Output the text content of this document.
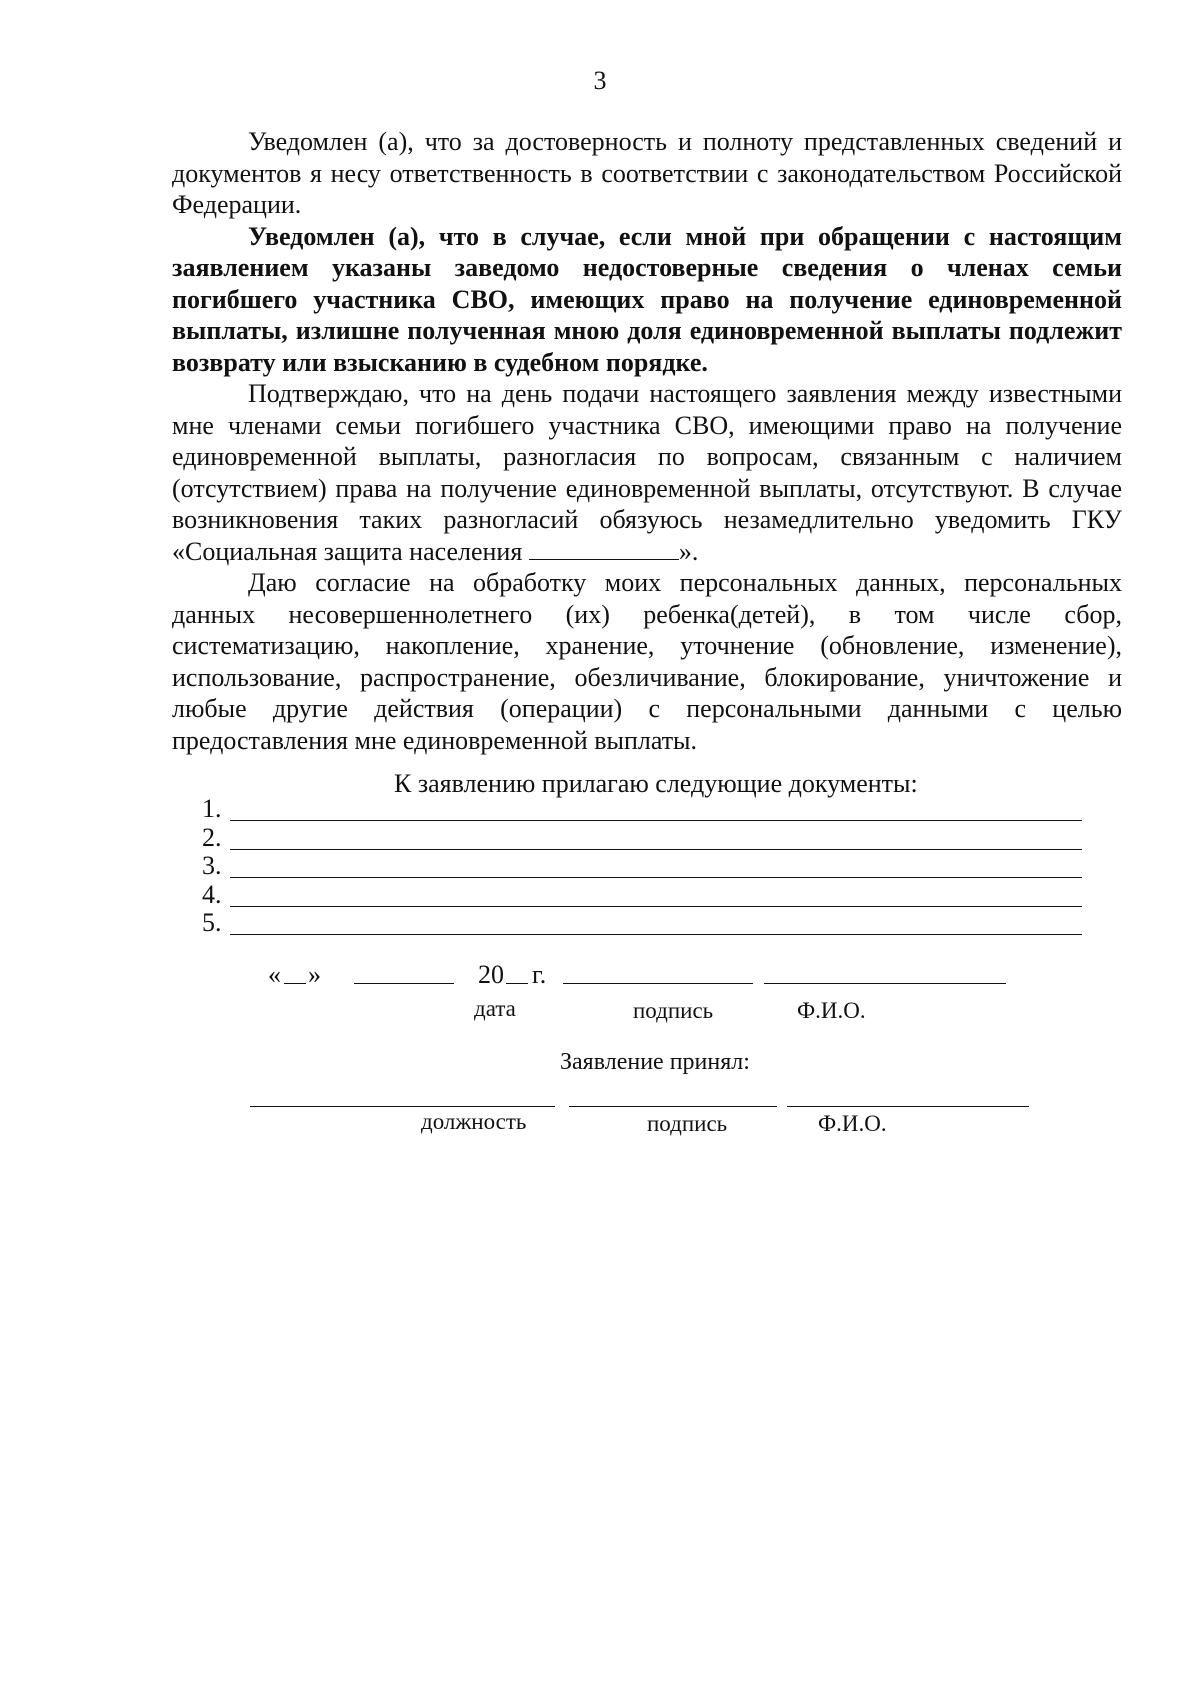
3

Уведомлен (а), что за достоверность и полноту представленных сведений и документов я несу ответственность в соответствии с законодательством Российской Федерации.

Уведомлен (а), что в случае, если мной при обращении с настоящим заявлением указаны заведомо недостоверные сведения о членах семьи погибшего участника СВО, имеющих право на получение единовременной выплаты, излишне полученная мною доля единовременной выплаты подлежит возврату или взысканию в судебном порядке.

Подтверждаю, что на день подачи настоящего заявления между известными мне членами семьи погибшего участника СВО, имеющими право на получение единовременной выплаты, разногласия по вопросам, связанным с наличием (отсутствием) права на получение единовременной выплаты, отсутствуют. В случае возникновения таких разногласий обязуюсь незамедлительно уведомить ГКУ «Социальная защита населения	».

Даю согласие на обработку моих персональных данных, персональных данных несовершеннолетнего (их) ребенка(детей), в том числе сбор, систематизацию, накопление, хранение, уточнение (обновление, изменение), использование, распространение, обезличивание, блокирование, уничтожение и любые другие действия (операции) с персональными данными с целью предоставления мне единовременной выплаты.

К заявлению прилагаю следующие документы:
1.
2.
3.
4.
5.
« »	20 г.
дата	подпись	Ф.И.О.
Заявление принял:
должность	подпись	Ф.И.О.
